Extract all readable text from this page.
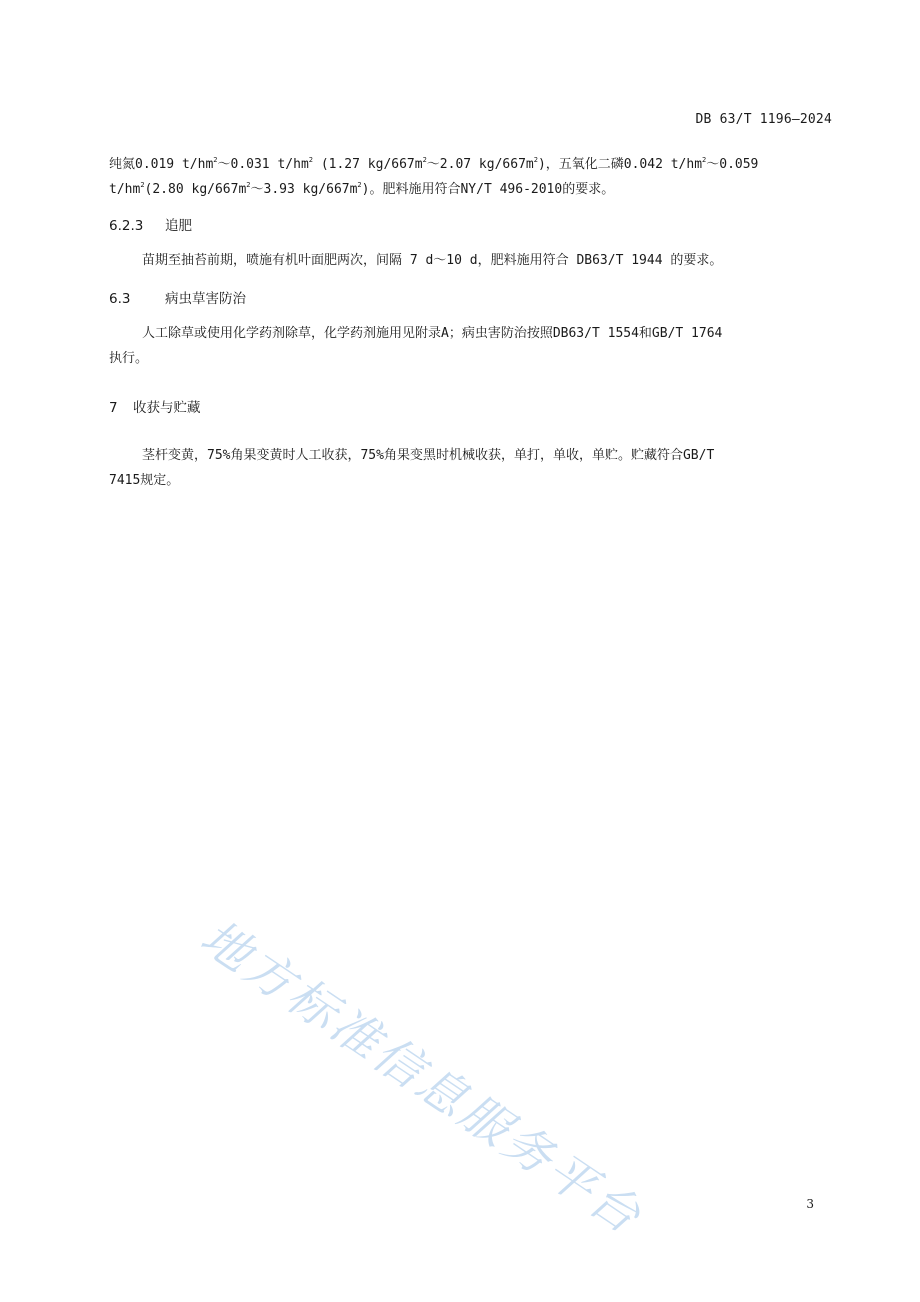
DB 63/T 1196—2024
纯氮0.019 $t/hm^2\sim 0.031$ $t/hm^2$ (1.27 $kg/667m^2\sim 2.07$ $kg/667m^2$)，五氧化二磷0.042 $t/hm^2\sim 0.059$
$t/hm^2(2.80$ $kg/667m^2\sim 3.93$ $kg/667m^2$)。肥料施用符合NY/T 496-2010的要求。
6.2.3 追肥
苗期至抽苔前期，喷施有机叶面肥两次，间隔 7 d～10 d，肥料施用符合 DB63/T 1944 的要求。
6.3	病虫草害防治
人工除草或使用化学药剂除草，化学药剂施用见附录A；病虫害防治按照DB63/T 1554和GB/T 1764
执行。
7 收获与贮藏
茎杆变黄，75%角果变黄时人工收获，75%角果变黑时机械收获，单打，单收，单贮。贮藏符合GB/T
7415规定。
地方标准信息服务平台	3
